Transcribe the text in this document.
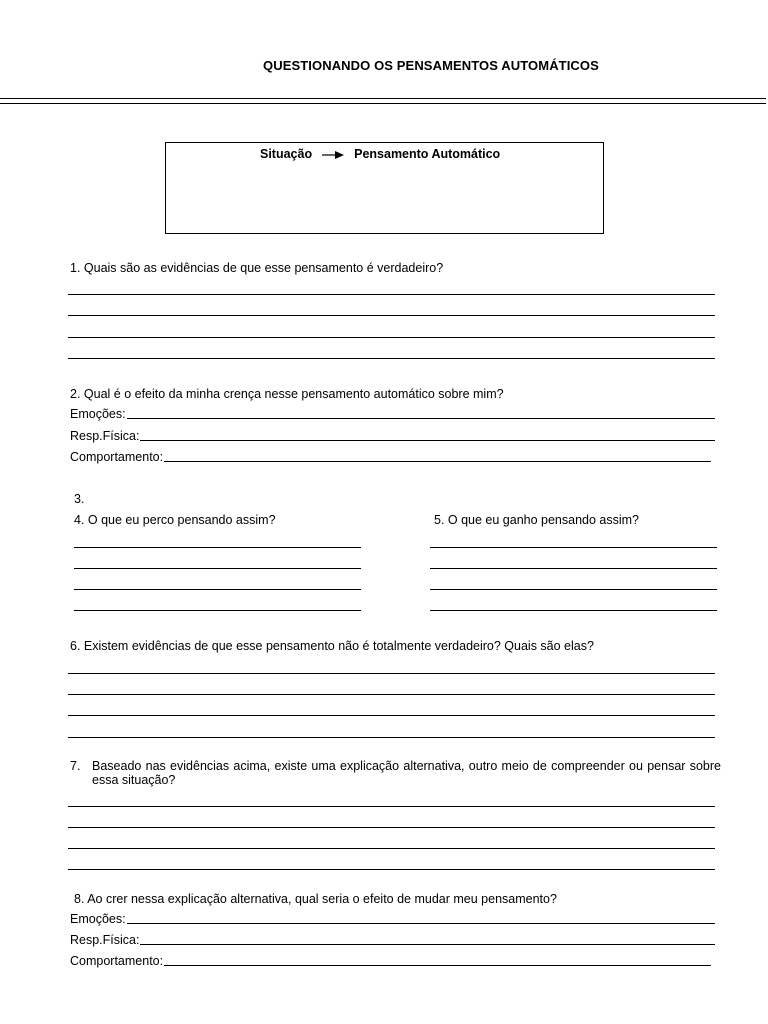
QUESTIONANDO OS PENSAMENTOS AUTOMÁTICOS
Situação	Pensamento Automático
1. Quais são as evidências de que esse pensamento é verdadeiro?
2. Qual é o efeito da minha crença nesse pensamento automático sobre mim?
Emoções:
Resp.Física:
Comportamento:
3.
4. O que eu perco pensando assim?	5. O que eu ganho pensando assim?
6. Existem evidências de que esse pensamento não é totalmente verdadeiro? Quais são elas?
7. Baseado nas evidências acima, existe uma explicação alternativa, outro meio de compreender ou pensar sobre essa situação?
8. Ao crer nessa explicação alternativa, qual seria o efeito de mudar meu pensamento?
Emoções:
Resp.Física:
Comportamento:
